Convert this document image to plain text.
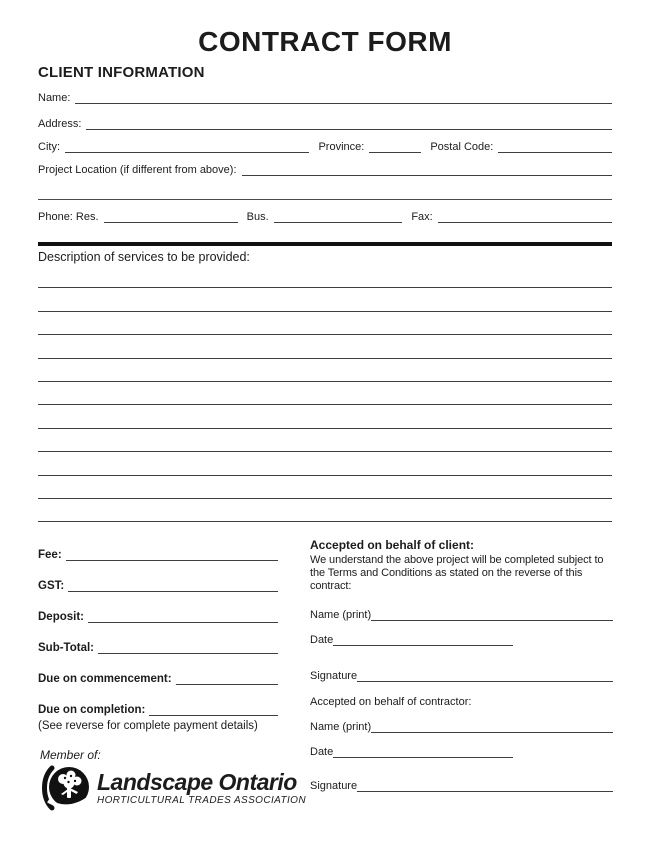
CONTRACT FORM
CLIENT INFORMATION
Name:
Address:
City:	Province:	Postal Code:
Project Location (if different from above):
Phone: Res.	Bus.	Fax:
Description of services to be provided:
Fee:
GST:
Deposit:
Sub-Total:
Due on commencement:
Due on completion:
(See reverse for complete payment details)
Accepted on behalf of client:
We understand the above project will be completed subject to the Terms and Conditions as stated on the reverse of this contract:
Name (print)
Date
Signature
Accepted on behalf of contractor:
Name (print)
Date
Signature
Member of:
Landscape Ontario
HORTICULTURAL TRADES ASSOCIATION
